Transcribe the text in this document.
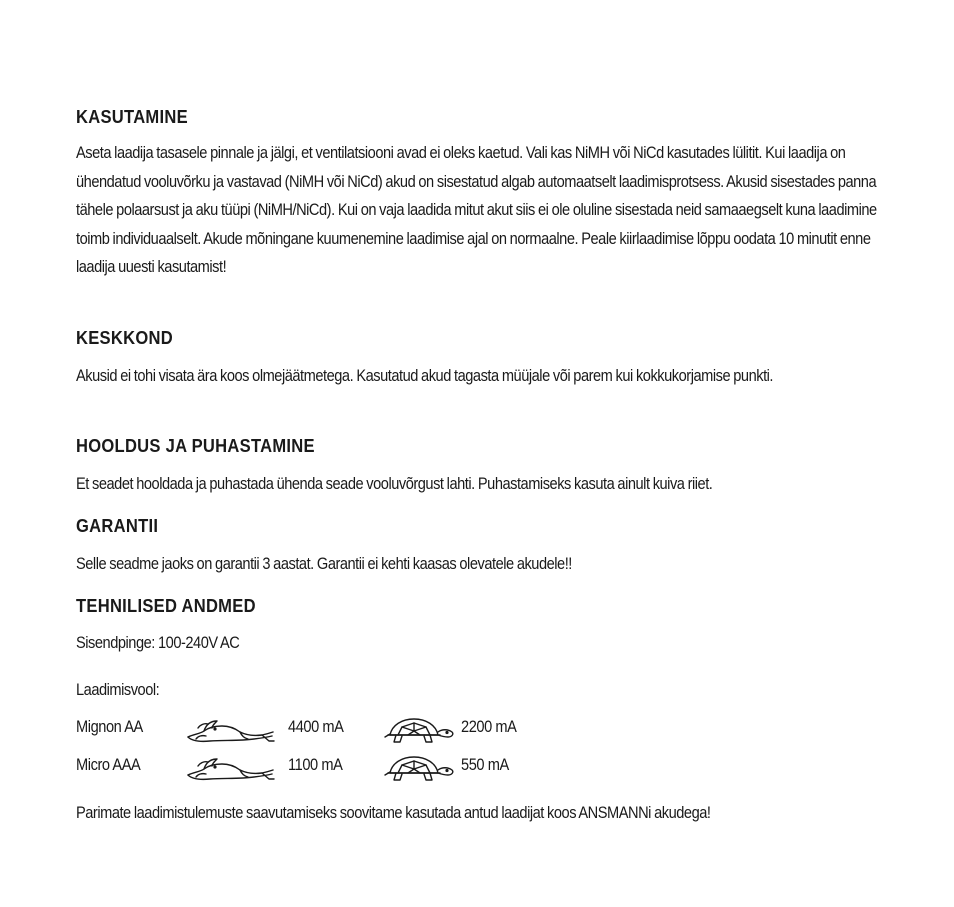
KASUTAMINE

Aseta laadija tasasele pinnale ja jälgi, et ventilatsiooni avad ei oleks kaetud. Vali kas NiMH või NiCd kasutades lülitit. Kui laadija on ühendatud vooluvõrku ja vastavad (NiMH või NiCd) akud on sisestatud algab automaatselt laadimisprotsess. Akusid sisestades panna tähele polaarsust ja aku tüüpi (NiMH/NiCd). Kui on vaja laadida mitut akut siis ei ole oluline sisestada neid samaaegselt kuna laadimine toimb individuaalselt. Akude mõningane kuumenemine laadimise ajal on normaalne. Peale kiirlaadimise lõppu oodata 10 minutit enne laadija uuesti kasutamist!

KESKKOND

Akusid ei tohi visata ära koos olmejäätmetega. Kasutatud akud tagasta müüjale või parem kui kokkukorjamise punkti.

HOOLDUS JA PUHASTAMINE

Et seadet hooldada ja puhastada ühenda seade vooluvõrgust lahti. Puhastamiseks kasuta ainult kuiva riiet.

GARANTII

Selle seadme jaoks on garantii 3 aastat. Garantii ei kehti kaasas olevatele akudele!!

TEHNILISED ANDMED

Sisendpinge: 100-240V AC

Laadimisvool:

Mignon AA	4400 mA	2200 mA
Micro AAA	1100 mA	550 mA

Parimate laadimistulemuste saavutamiseks soovitame kasutada antud laadijat koos ANSMANNi akudega!
